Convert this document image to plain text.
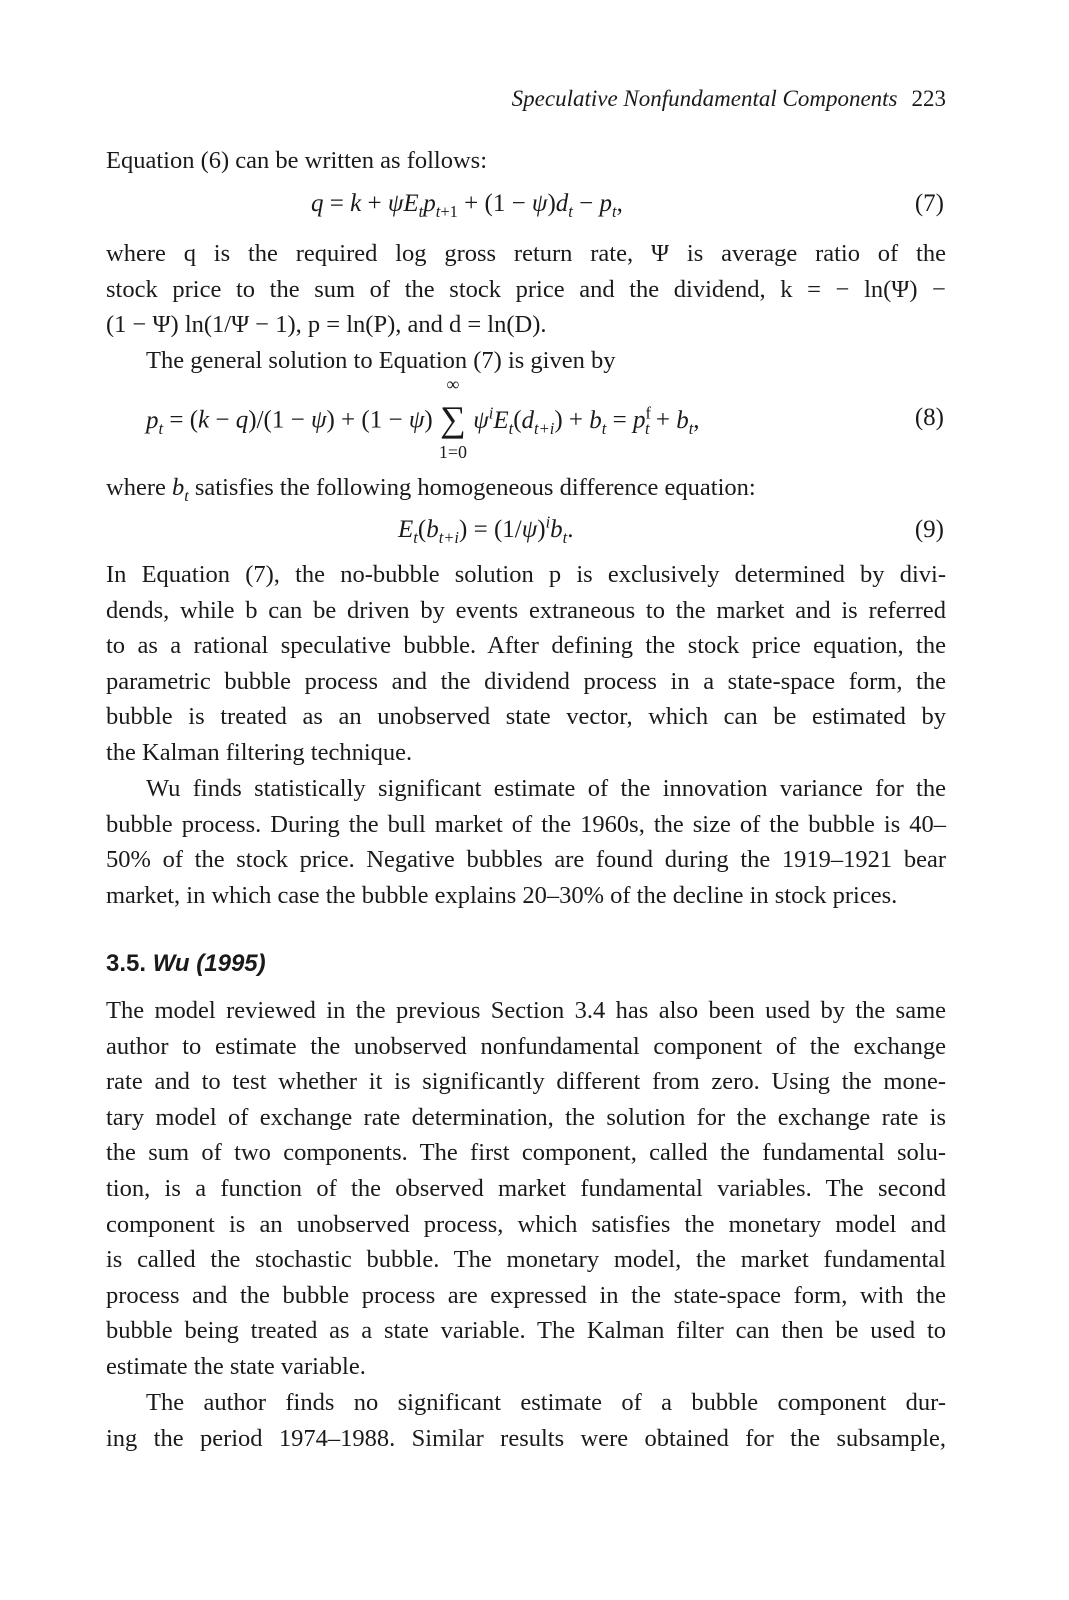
Speculative Nonfundamental Components 223
Equation (6) can be written as follows:
$q = k + \psi E_tp_{t+1} + (1 - \psi)d_t - p_t$,	(7)
where q is the required log gross return rate, Ψ is average ratio of the
stock price to the sum of the stock price and the dividend, k = − ln(Ψ) −
(1 − Ψ) ln(1/Ψ − 1), p = ln(P), and d = ln(D).
The general solution to Equation (7) is given by
$p_t = (k - q)/(1 - \psi) + (1 - \psi)$ ∑
∞
1=0
$\psi^iE_t(d_{t+i}) + b_t = p^f_t + b_t$,	(8)
where $b_t$ satisfies the following homogeneous difference equation:
$E_t(b_{t+i}) = (1/\psi)^ib_t$.	(9)
In Equation (7), the no-bubble solution p is exclusively determined by divi-
dends, while b can be driven by events extraneous to the market and is referred
to as a rational speculative bubble. After defining the stock price equation, the
parametric bubble process and the dividend process in a state-space form, the
bubble is treated as an unobserved state vector, which can be estimated by
the Kalman filtering technique.
Wu finds statistically significant estimate of the innovation variance for the
bubble process. During the bull market of the 1960s, the size of the bubble is 40–
50% of the stock price. Negative bubbles are found during the 1919–1921 bear
market, in which case the bubble explains 20–30% of the decline in stock prices.
3.5. Wu (1995)
The model reviewed in the previous Section 3.4 has also been used by the same
author to estimate the unobserved nonfundamental component of the exchange
rate and to test whether it is significantly different from zero. Using the mone-
tary model of exchange rate determination, the solution for the exchange rate is
the sum of two components. The first component, called the fundamental solu-
tion, is a function of the observed market fundamental variables. The second
component is an unobserved process, which satisfies the monetary model and
is called the stochastic bubble. The monetary model, the market fundamental
process and the bubble process are expressed in the state-space form, with the
bubble being treated as a state variable. The Kalman filter can then be used to
estimate the state variable.
The author finds no significant estimate of a bubble component dur-
ing the period 1974–1988. Similar results were obtained for the subsample,
